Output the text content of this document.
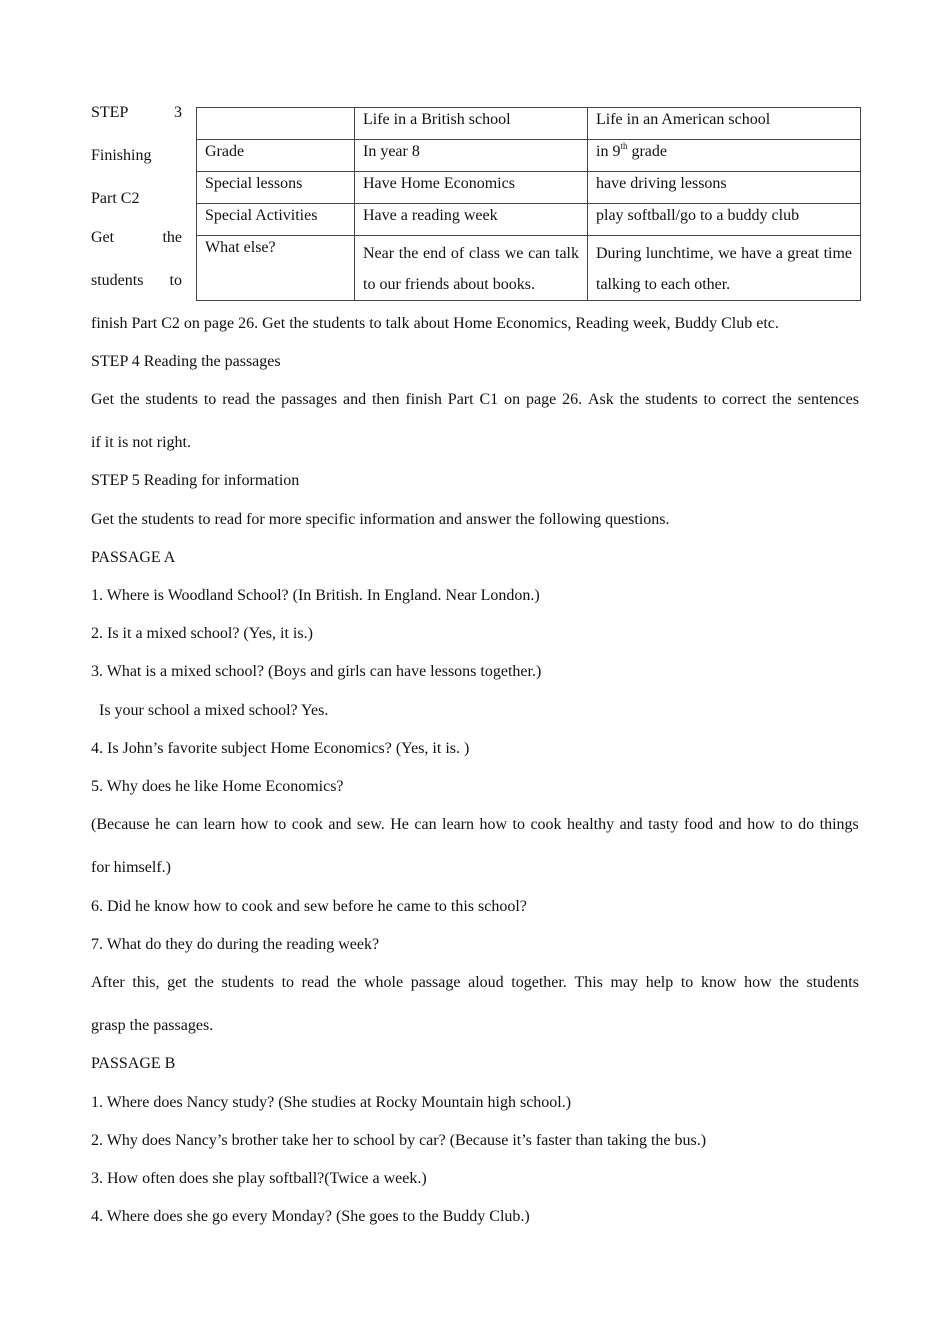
STEP	3
Finishing
Part C2
Get	the
students to
	Life in a British school	Life in an American school
Grade	In year 8	in 9th grade
Special lessons	Have Home Economics	have driving lessons
Special Activities	Have a reading week	play softball/go to a buddy club
What else?	Near the end of class we can talk to our friends about books.	During lunchtime, we have a great time talking to each other.
finish Part C2 on page 26. Get the students to talk about Home Economics, Reading week, Buddy Club etc.
STEP 4 Reading the passages
Get the students to read the passages and then finish Part C1 on page 26. Ask the students to correct the sentences
if it is not right.
STEP 5 Reading for information
Get the students to read for more specific information and answer the following questions.
PASSAGE A
1. Where is Woodland School? (In British. In England. Near London.)
2. Is it a mixed school? (Yes, it is.)
3. What is a mixed school? (Boys and girls can have lessons together.)
Is your school a mixed school? Yes.
4. Is John’s favorite subject Home Economics? (Yes, it is. )
5. Why does he like Home Economics?
(Because he can learn how to cook and sew. He can learn how to cook healthy and tasty food and how to do things
for himself.)
6. Did he know how to cook and sew before he came to this school?
7. What do they do during the reading week?
After this, get the students to read the whole passage aloud together. This may help to know how the students
grasp the passages.
PASSAGE B
1. Where does Nancy study? (She studies at Rocky Mountain high school.)
2. Why does Nancy’s brother take her to school by car? (Because it’s faster than taking the bus.)
3. How often does she play softball?(Twice a week.)
4. Where does she go every Monday? (She goes to the Buddy Club.)
